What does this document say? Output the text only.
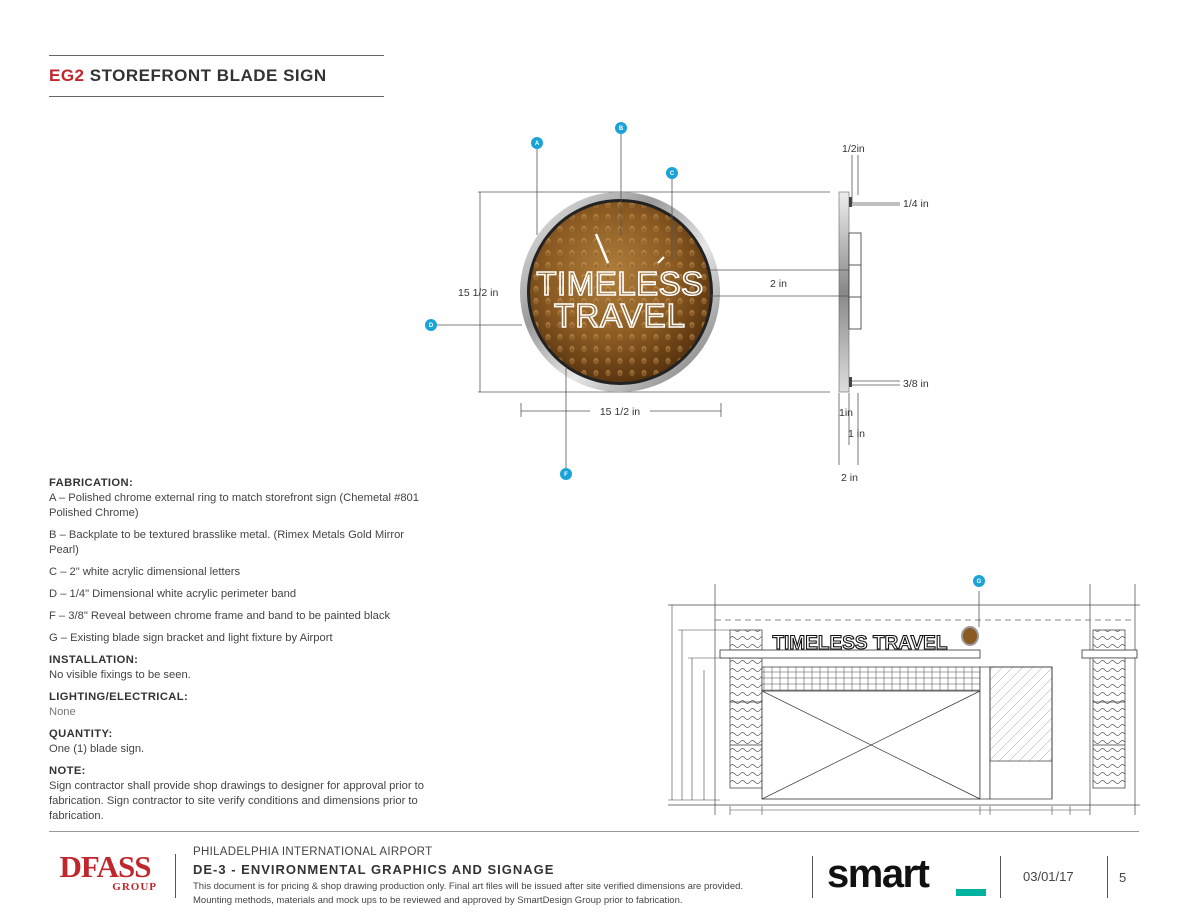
EG2 STOREFRONT BLADE SIGN
15 1/2 in TIMELESS
TRAVEL
15 1/2 in
A
B
C
D
F
1/2in
1/4 in
2 in
3/8 in
1in
1 in
2 in
FABRICATION:

A – Polished chrome external ring to match storefront sign (Chemetal #801 Polished Chrome)

B – Backplate to be textured brasslike metal. (Rimex Metals Gold Mirror Pearl)

C – 2" white acrylic dimensional letters

D – 1/4" Dimensional white acrylic perimeter band

F – 3/8" Reveal between chrome frame and band to be painted black

G – Existing blade sign bracket and light fixture by Airport

INSTALLATION:
No visible fixings to be seen.
LIGHTING/ELECTRICAL:
None
QUANTITY:
One (1) blade sign.
NOTE:
Sign contractor shall provide shop drawings to designer for approval prior to fabrication. Sign contractor to site verify conditions and dimensions prior to fabrication.
TIMELESS TRAVEL
G
DFASS
GROUP
PHILADELPHIA INTERNATIONAL AIRPORT
DE-3 - ENVIRONMENTAL GRAPHICS AND SIGNAGE
This document is for pricing & shop drawing production only. Final art files will be issued after site verified dimensions are provided.
Mounting methods, materials and mock ups to be reviewed and approved by SmartDesign Group prior to fabrication.
smart	03/01/17	5
